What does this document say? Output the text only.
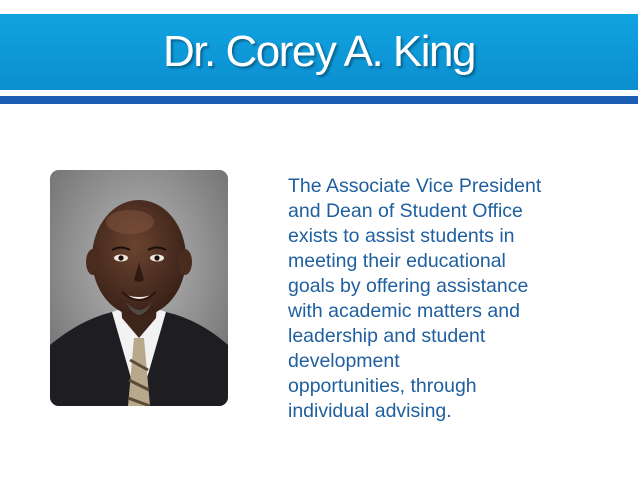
Dr. Corey A. King

The Associate Vice President
and Dean of Student Office
exists to assist students in
meeting their educational
goals by offering assistance
with academic matters and
leadership and student
development
opportunities, through
individual advising.
